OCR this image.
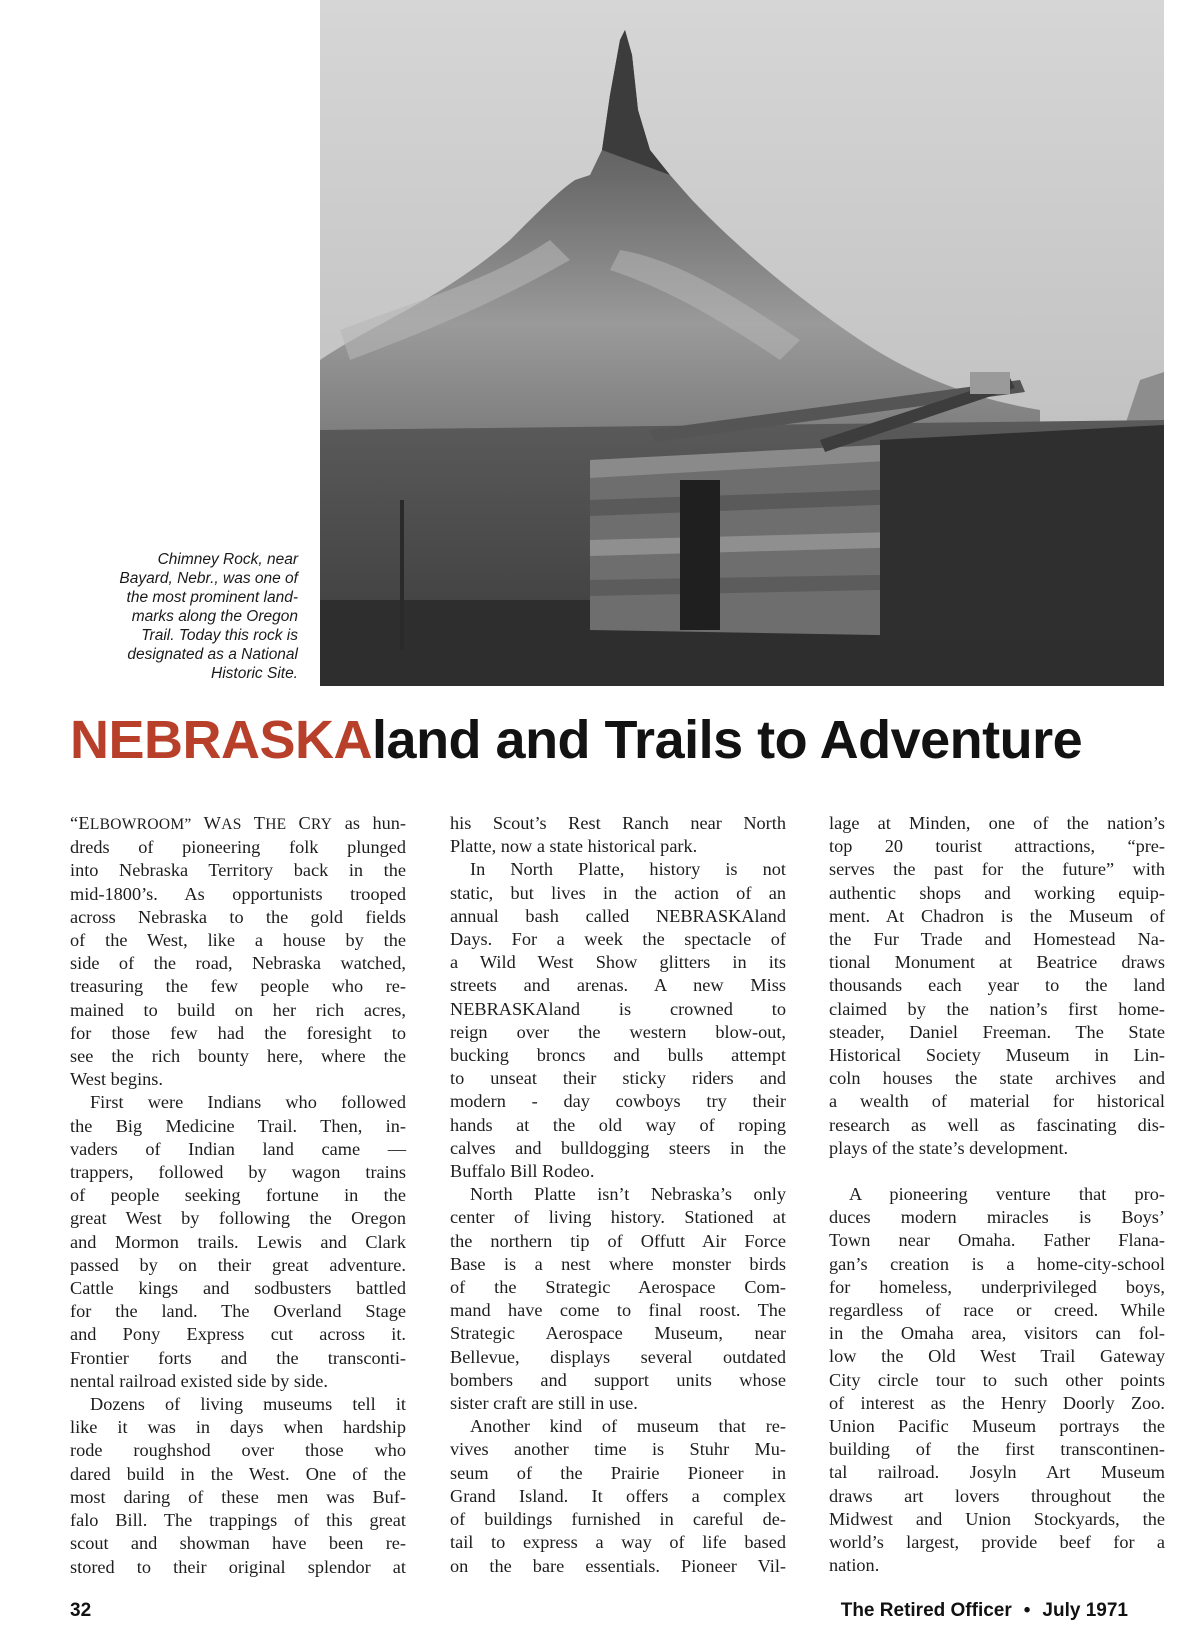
Chimney Rock, near
Bayard, Nebr., was one of
the most prominent land-
marks along the Oregon
Trail. Today this rock is
designated as a National
Historic Site.
NEBRASKAland and Trails to Adventure
“ELBOWROOM” WAS THE CRY as hun-
dreds of pioneering folk plunged
into Nebraska Territory back in the
mid-1800’s. As opportunists trooped
across Nebraska to the gold fields
of the West, like a house by the
side of the road, Nebraska watched,
treasuring the few people who re-
mained to build on her rich acres,
for those few had the foresight to
see the rich bounty here, where the
West begins.
First were Indians who followed
the Big Medicine Trail. Then, in-
vaders of Indian land came —
trappers, followed by wagon trains
of people seeking fortune in the
great West by following the Oregon
and Mormon trails. Lewis and Clark
passed by on their great adventure.
Cattle kings and sodbusters battled
for the land. The Overland Stage
and Pony Express cut across it.
Frontier forts and the transconti-
nental railroad existed side by side.
Dozens of living museums tell it
like it was in days when hardship
rode roughshod over those who
dared build in the West. One of the
most daring of these men was Buf-
falo Bill. The trappings of this great
scout and showman have been re-
stored to their original splendor at
his Scout’s Rest Ranch near North
Platte, now a state historical park.
In North Platte, history is not
static, but lives in the action of an
annual bash called NEBRASKAland
Days. For a week the spectacle of
a Wild West Show glitters in its
streets and arenas. A new Miss
NEBRASKAland is crowned to
reign over the western blow-out,
bucking broncs and bulls attempt
to unseat their sticky riders and
modern - day cowboys try their
hands at the old way of roping
calves and bulldogging steers in the
Buffalo Bill Rodeo.
North Platte isn’t Nebraska’s only
center of living history. Stationed at
the northern tip of Offutt Air Force
Base is a nest where monster birds
of the Strategic Aerospace Com-
mand have come to final roost. The
Strategic Aerospace Museum, near
Bellevue, displays several outdated
bombers and support units whose
sister craft are still in use.
Another kind of museum that re-
vives another time is Stuhr Mu-
seum of the Prairie Pioneer in
Grand Island. It offers a complex
of buildings furnished in careful de-
tail to express a way of life based
on the bare essentials. Pioneer Vil-
lage at Minden, one of the nation’s
top 20 tourist attractions, “pre-
serves the past for the future” with
authentic shops and working equip-
ment. At Chadron is the Museum of
the Fur Trade and Homestead Na-
tional Monument at Beatrice draws
thousands each year to the land
claimed by the nation’s first home-
steader, Daniel Freeman. The State
Historical Society Museum in Lin-
coln houses the state archives and
a wealth of material for historical
research as well as fascinating dis-
plays of the state’s development.
A pioneering venture that pro-
duces modern miracles is Boys’
Town near Omaha. Father Flana-
gan’s creation is a home-city-school
for homeless, underprivileged boys,
regardless of race or creed. While
in the Omaha area, visitors can fol-
low the Old West Trail Gateway
City circle tour to such other points
of interest as the Henry Doorly Zoo.
Union Pacific Museum portrays the
building of the first transcontinen-
tal railroad. Josyln Art Museum
draws art lovers throughout the
Midwest and Union Stockyards, the
world’s largest, provide beef for a
nation.
32	The Retired Officer • July 1971
